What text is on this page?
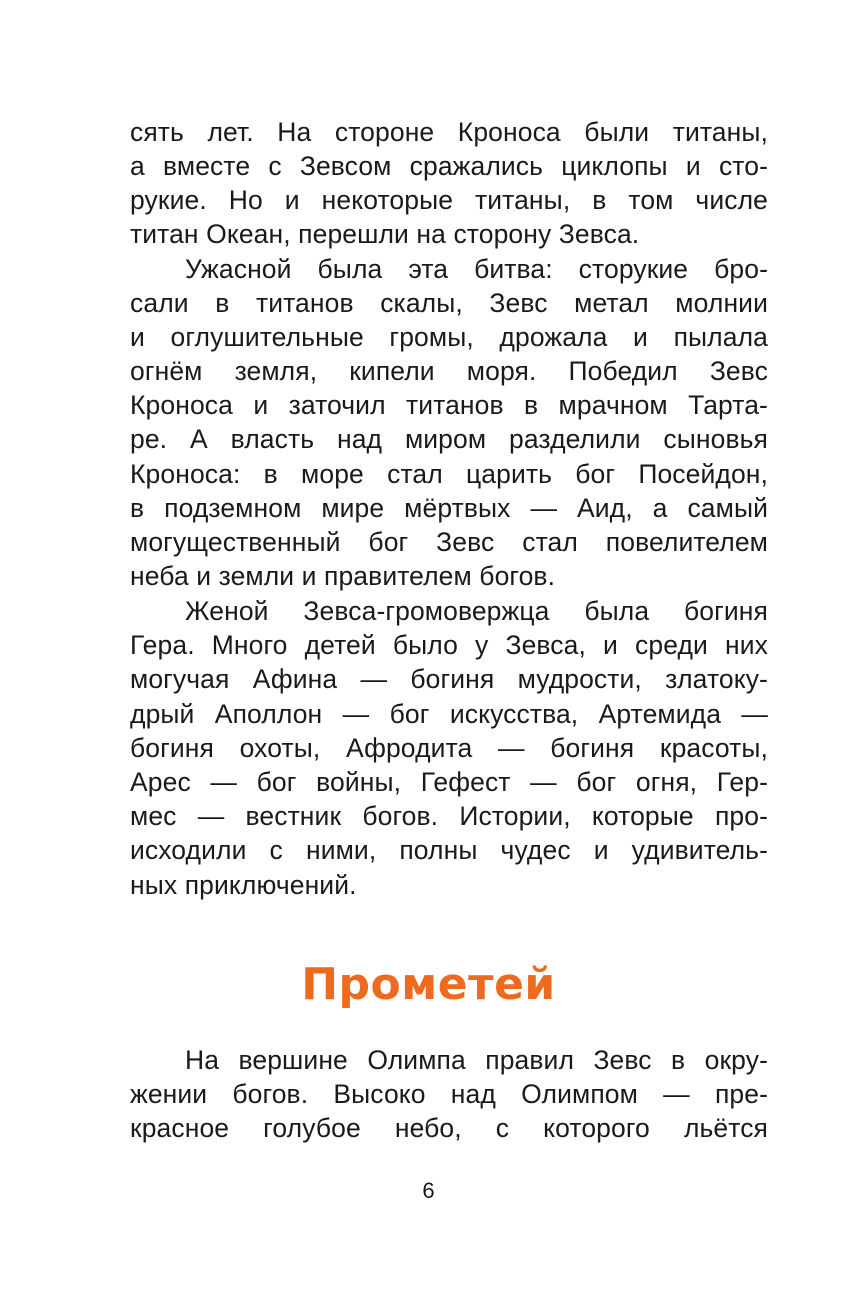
сять лет. На стороне Кроноса были титаны,
а вместе с Зевсом сражались циклопы и сто-
рукие. Но и некоторые титаны, в том числе
титан Океан, перешли на сторону Зевса.
Ужасной была эта битва: сторукие бро-
сали в титанов скалы, Зевс метал молнии
и оглушительные громы, дрожала и пылала
огнём земля, кипели моря. Победил Зевс
Кроноса и заточил титанов в мрачном Тарта-
ре. А власть над миром разделили сыновья
Кроноса: в море стал царить бог Посейдон,
в подземном мире мёртвых — Аид, а самый
могущественный бог Зевс стал повелителем
неба и земли и правителем богов.
Женой Зевса-громовержца была богиня
Гера. Много детей было у Зевса, и среди них
могучая Афина — богиня мудрости, златоку-
дрый Аполлон — бог искусства, Артемида —
богиня охоты, Афродита — богиня красоты,
Арес — бог войны, Гефест — бог огня, Гер-
мес — вестник богов. Истории, которые про-
исходили с ними, полны чудес и удивитель-
ных приключений.
Прометей
На вершине Олимпа правил Зевс в окру-
жении богов. Высоко над Олимпом — пре-
красное голубое небо, с которого льётся
6
